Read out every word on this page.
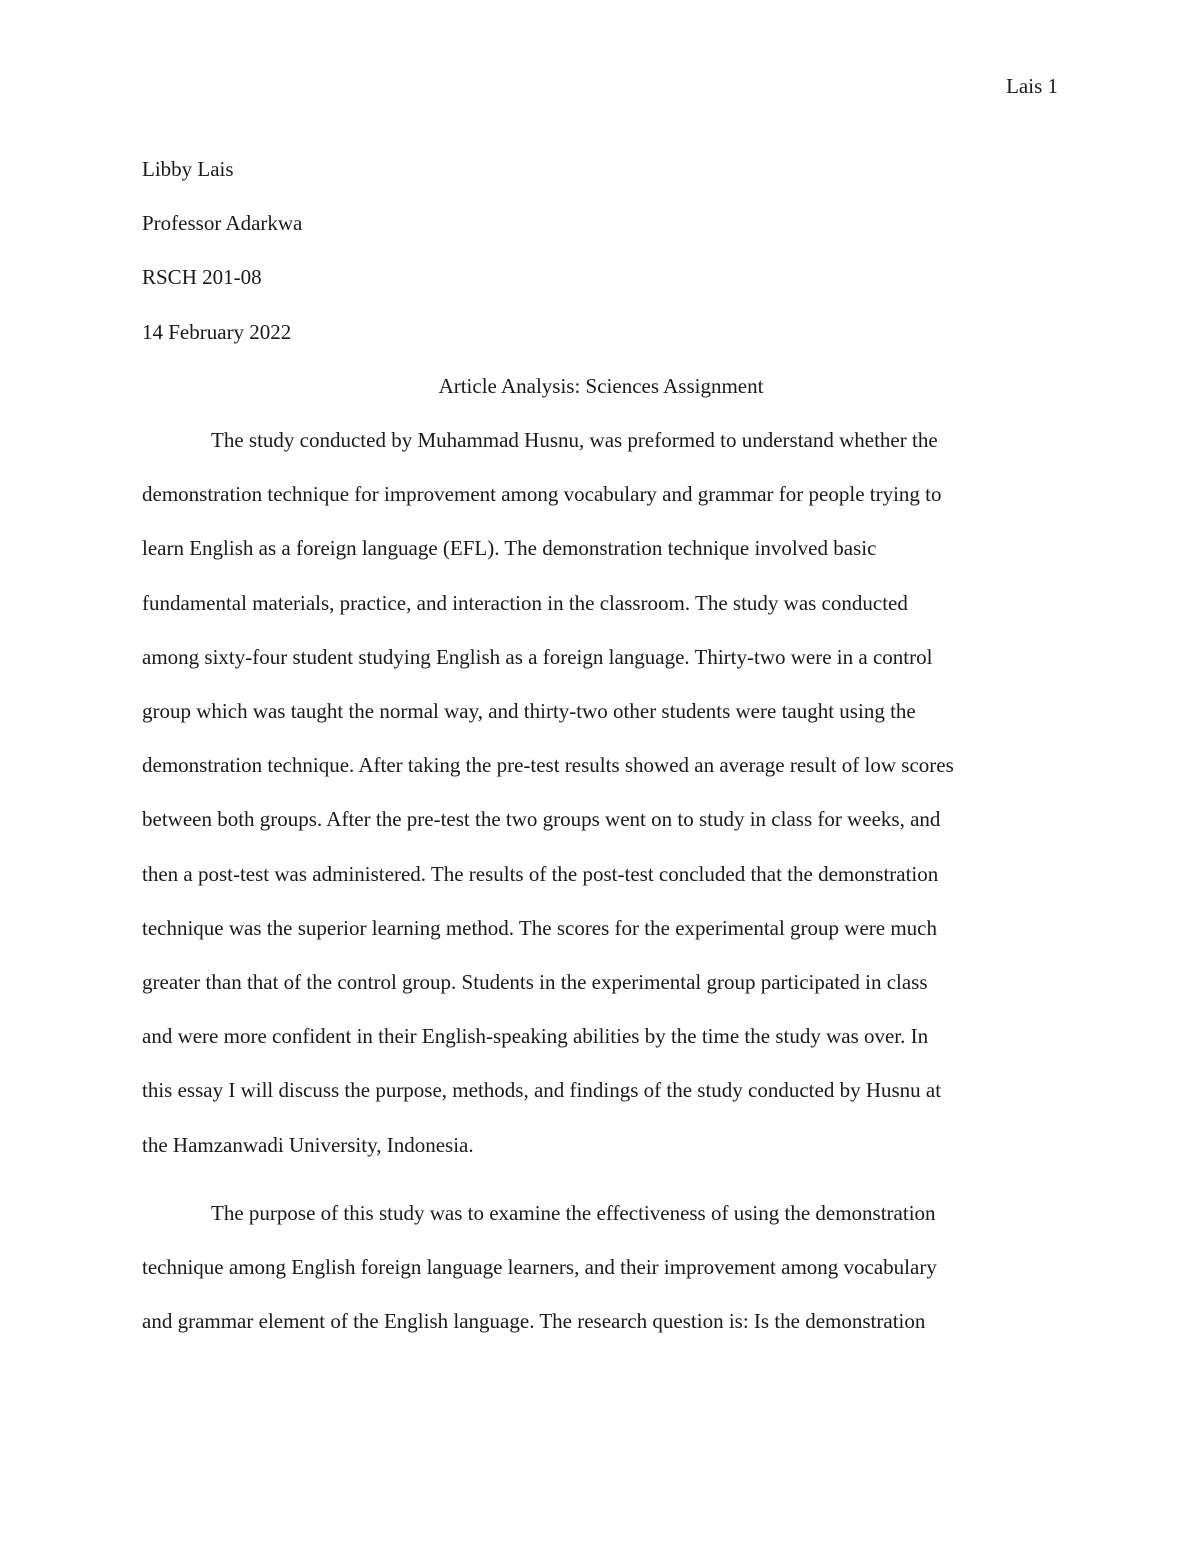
Lais 1

Libby Lais

Professor Adarkwa

RSCH 201-08

14 February 2022

Article Analysis: Sciences Assignment

The study conducted by Muhammad Husnu, was preformed to understand whether the

demonstration technique for improvement among vocabulary and grammar for people trying to

learn English as a foreign language (EFL). The demonstration technique involved basic

fundamental materials, practice, and interaction in the classroom. The study was conducted

among sixty-four student studying English as a foreign language. Thirty-two were in a control

group which was taught the normal way, and thirty-two other students were taught using the

demonstration technique. After taking the pre-test results showed an average result of low scores

between both groups. After the pre-test the two groups went on to study in class for weeks, and

then a post-test was administered. The results of the post-test concluded that the demonstration

technique was the superior learning method. The scores for the experimental group were much

greater than that of the control group. Students in the experimental group participated in class

and were more confident in their English-speaking abilities by the time the study was over. In

this essay I will discuss the purpose, methods, and findings of the study conducted by Husnu at

the Hamzanwadi University, Indonesia.

The purpose of this study was to examine the effectiveness of using the demonstration

technique among English foreign language learners, and their improvement among vocabulary

and grammar element of the English language. The research question is: Is the demonstration
